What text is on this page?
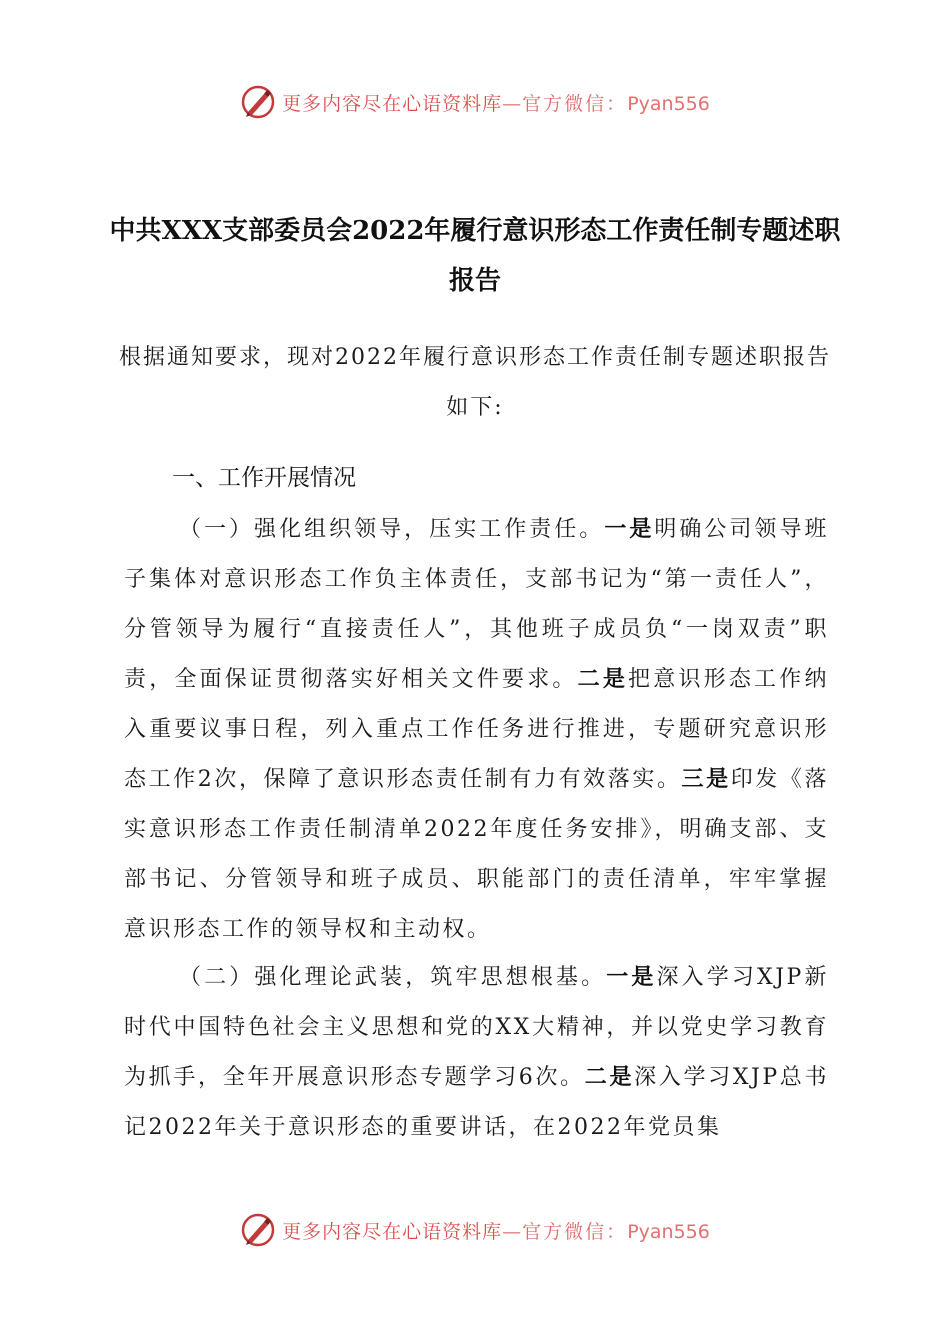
更多内容尽在心语资料库—官方微信：Pyan556
中共XXX支部委员会2022年履行意识形态工作责任制专题述职报告
根据通知要求，现对2022年履行意识形态工作责任制专题述职报告如下:
一、工作开展情况
（一）强化组织领导，压实工作责任。一是明确公司领导班子集体对意识形态工作负主体责任，支部书记为“第一责任人”，分管领导为履行“直接责任人”，其他班子成员负“一岗双责”职责，全面保证贯彻落实好相关文件要求。二是把意识形态工作纳入重要议事日程，列入重点工作任务进行推进，专题研究意识形态工作2次，保障了意识形态责任制有力有效落实。三是印发《落实意识形态工作责任制清单2022年度任务安排》，明确支部、支部书记、分管领导和班子成员、职能部门的责任清单，牢牢掌握意识形态工作的领导权和主动权。
（二）强化理论武装，筑牢思想根基。一是深入学习XJP新时代中国特色社会主义思想和党的XX大精神，并以党史学习教育为抓手，全年开展意识形态专题学习6次。二是深入学习XJP总书记2022年关于意识形态的重要讲话，在2022年党员集
更多内容尽在心语资料库—官方微信：Pyan556
